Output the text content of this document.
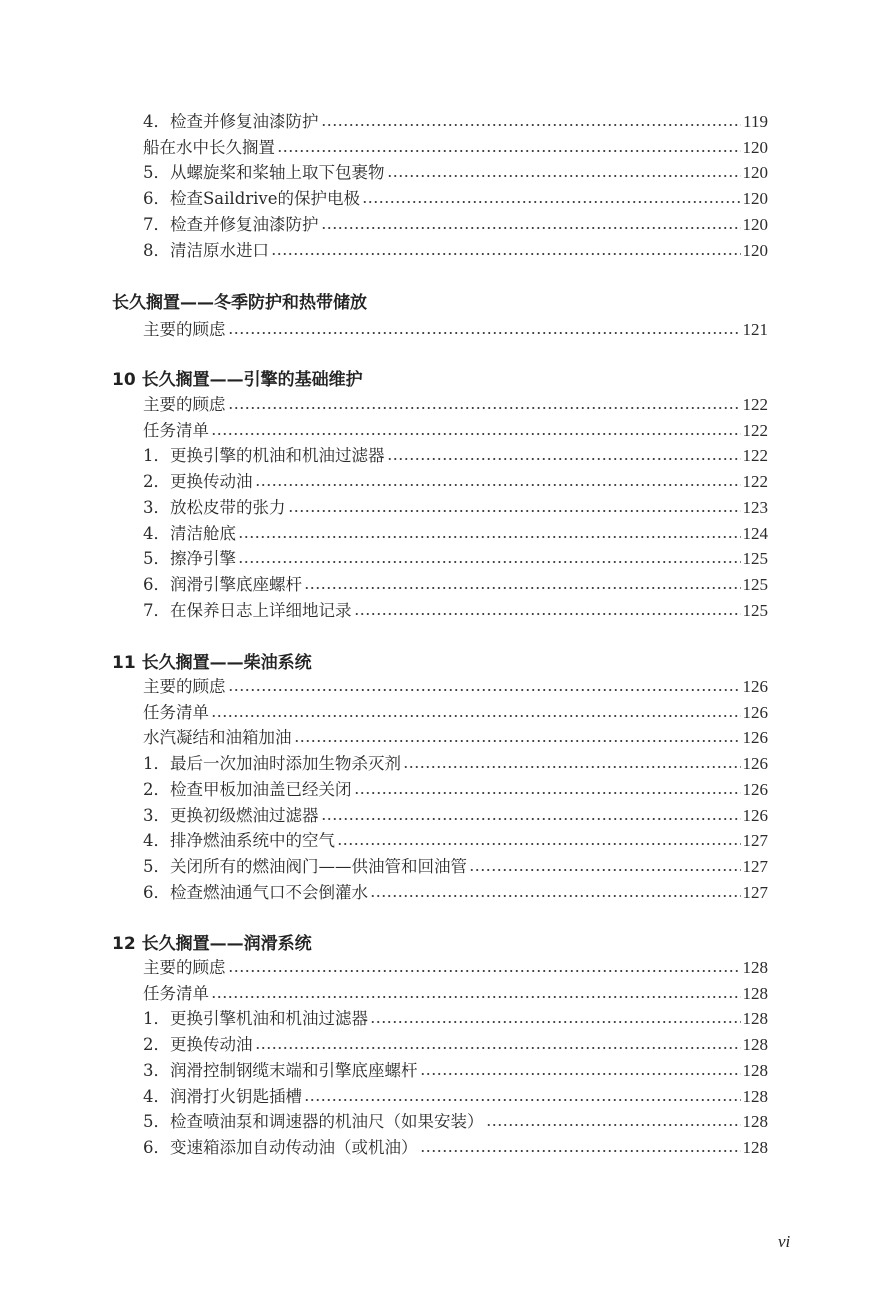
4． 检查并修复油漆防护	119
船在水中长久搁置	120
5． 从螺旋桨和桨轴上取下包裹物	120
6． 检查Saildrive的保护电极	120
7． 检查并修复油漆防护	120
8． 清洁原水进口	120
长久搁置——冬季防护和热带储放
主要的顾虑	121
10 长久搁置——引擎的基础维护
主要的顾虑	122
任务清单	122
1． 更换引擎的机油和机油过滤器	122
2． 更换传动油	122
3． 放松皮带的张力	123
4． 清洁舱底	124
5． 擦净引擎	125
6． 润滑引擎底座螺杆	125
7． 在保养日志上详细地记录	125
11 长久搁置——柴油系统
主要的顾虑	126
任务清单	126
水汽凝结和油箱加油	126
1． 最后一次加油时添加生物杀灭剂	126
2． 检查甲板加油盖已经关闭	126
3． 更换初级燃油过滤器	126
4． 排净燃油系统中的空气	127
5． 关闭所有的燃油阀门——供油管和回油管	127
6． 检查燃油通气口不会倒灌水	127
12 长久搁置——润滑系统
主要的顾虑	128
任务清单	128
1． 更换引擎机油和机油过滤器	128
2． 更换传动油	128
3． 润滑控制钢缆末端和引擎底座螺杆	128
4． 润滑打火钥匙插槽	128
5． 检查喷油泵和调速器的机油尺（如果安装）	128
6． 变速箱添加自动传动油（或机油）	128
vi
